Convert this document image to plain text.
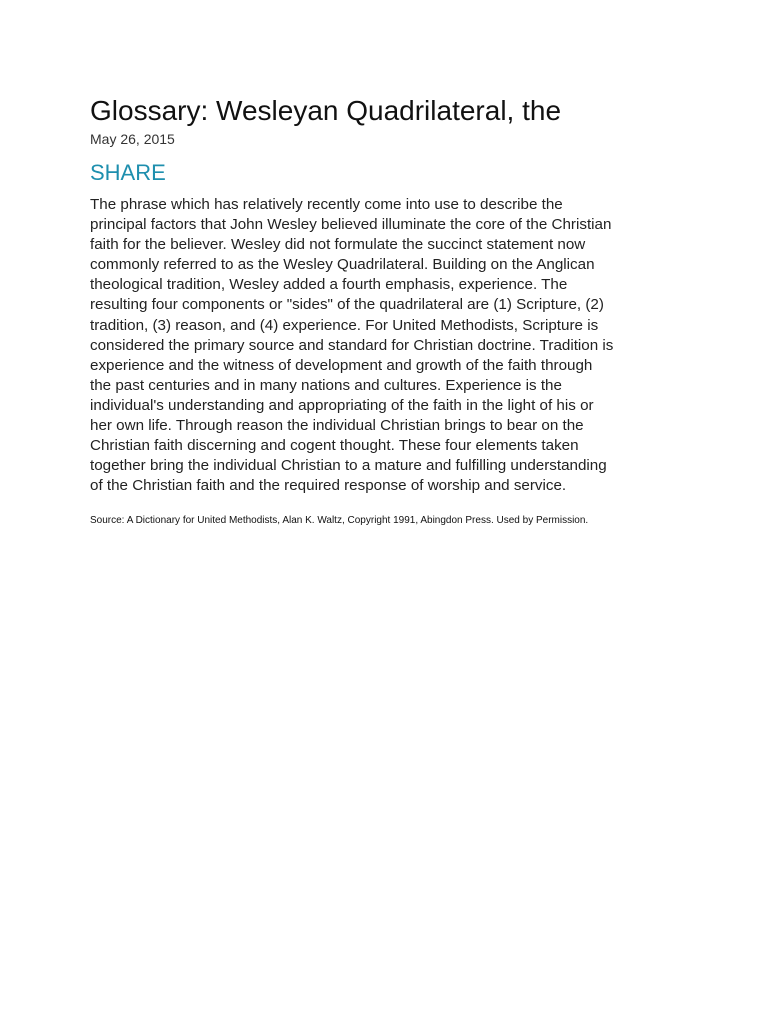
Glossary: Wesleyan Quadrilateral, the

May 26, 2015

SHARE
The phrase which has relatively recently come into use to describe the
principal factors that John Wesley believed illuminate the core of the Christian
faith for the believer. Wesley did not formulate the succinct statement now
commonly referred to as the Wesley Quadrilateral. Building on the Anglican
theological tradition, Wesley added a fourth emphasis, experience. The
resulting four components or "sides" of the quadrilateral are (1) Scripture, (2)
tradition, (3) reason, and (4) experience. For United Methodists, Scripture is
considered the primary source and standard for Christian doctrine. Tradition is
experience and the witness of development and growth of the faith through
the past centuries and in many nations and cultures. Experience is the
individual's understanding and appropriating of the faith in the light of his or
her own life. Through reason the individual Christian brings to bear on the
Christian faith discerning and cogent thought. These four elements taken
together bring the individual Christian to a mature and fulfilling understanding
of the Christian faith and the required response of worship and service.

Source: A Dictionary for United Methodists, Alan K. Waltz, Copyright 1991, Abingdon Press. Used by Permission.
